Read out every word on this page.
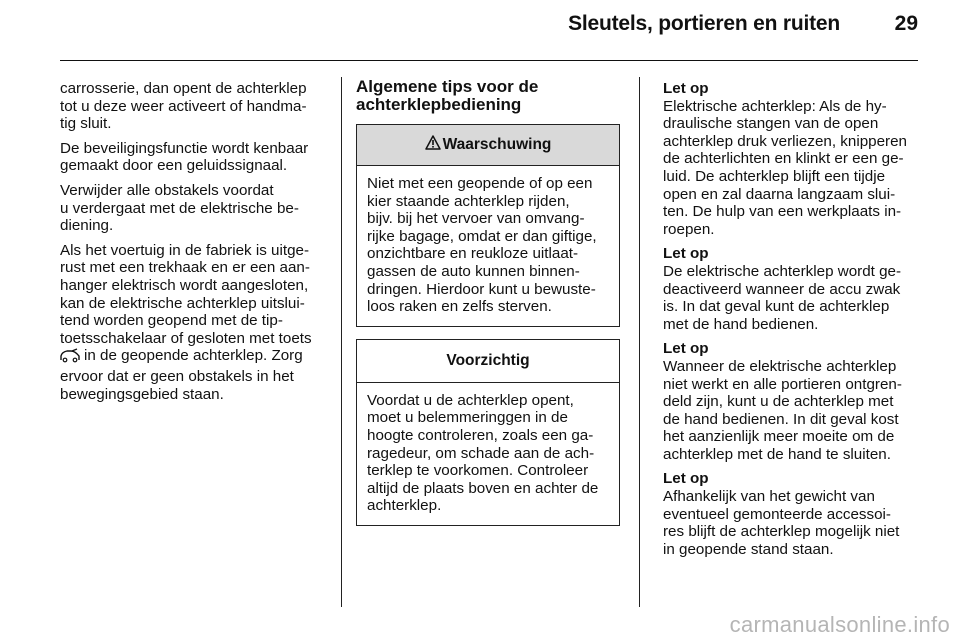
Sleutels, portieren en ruiten	29

carrosserie, dan opent de achterklep
tot u deze weer activeert of handma-
tig sluit.

De beveiligingsfunctie wordt kenbaar
gemaakt door een geluidssignaal.

Verwijder alle obstakels voordat
u verdergaat met de elektrische be-
diening.

Als het voertuig in de fabriek is uitge-
rust met een trekhaak en er een aan-
hanger elektrisch wordt aangesloten,
kan de elektrische achterklep uitslui-
tend worden geopend met de tip-
toetsschakelaar of gesloten met toets
in de geopende achterklep. Zorg
ervoor dat er geen obstakels in het
bewegingsgebied staan.

Algemene tips voor de
achterklepbediening
Waarschuwing
Niet met een geopende of op een
kier staande achterklep rijden,
bijv. bij het vervoer van omvang-
rijke bagage, omdat er dan giftige,
onzichtbare en reukloze uitlaat-
gassen de auto kunnen binnen-
dringen. Hierdoor kunt u bewuste-
loos raken en zelfs sterven.
Voorzichtig
Voordat u de achterklep opent,
moet u belemmeringgen in de
hoogte controleren, zoals een ga-
ragedeur, om schade aan de ach-
terklep te voorkomen. Controleer
altijd de plaats boven en achter de
achterklep.
Let op
Elektrische achterklep: Als de hy-
draulische stangen van de open
achterklep druk verliezen, knipperen
de achterlichten en klinkt er een ge-
luid. De achterklep blijft een tijdje
open en zal daarna langzaam slui-
ten. De hulp van een werkplaats in-
roepen.
Let op
De elektrische achterklep wordt ge-
deactiveerd wanneer de accu zwak
is. In dat geval kunt de achterklep
met de hand bedienen.
Let op
Wanneer de elektrische achterklep
niet werkt en alle portieren ontgren-
deld zijn, kunt u de achterklep met
de hand bedienen. In dit geval kost
het aanzienlijk meer moeite om de
achterklep met de hand te sluiten.
Let op
Afhankelijk van het gewicht van
eventueel gemonteerde accessoi-
res blijft de achterklep mogelijk niet
in geopende stand staan.
carmanualsonline.info
